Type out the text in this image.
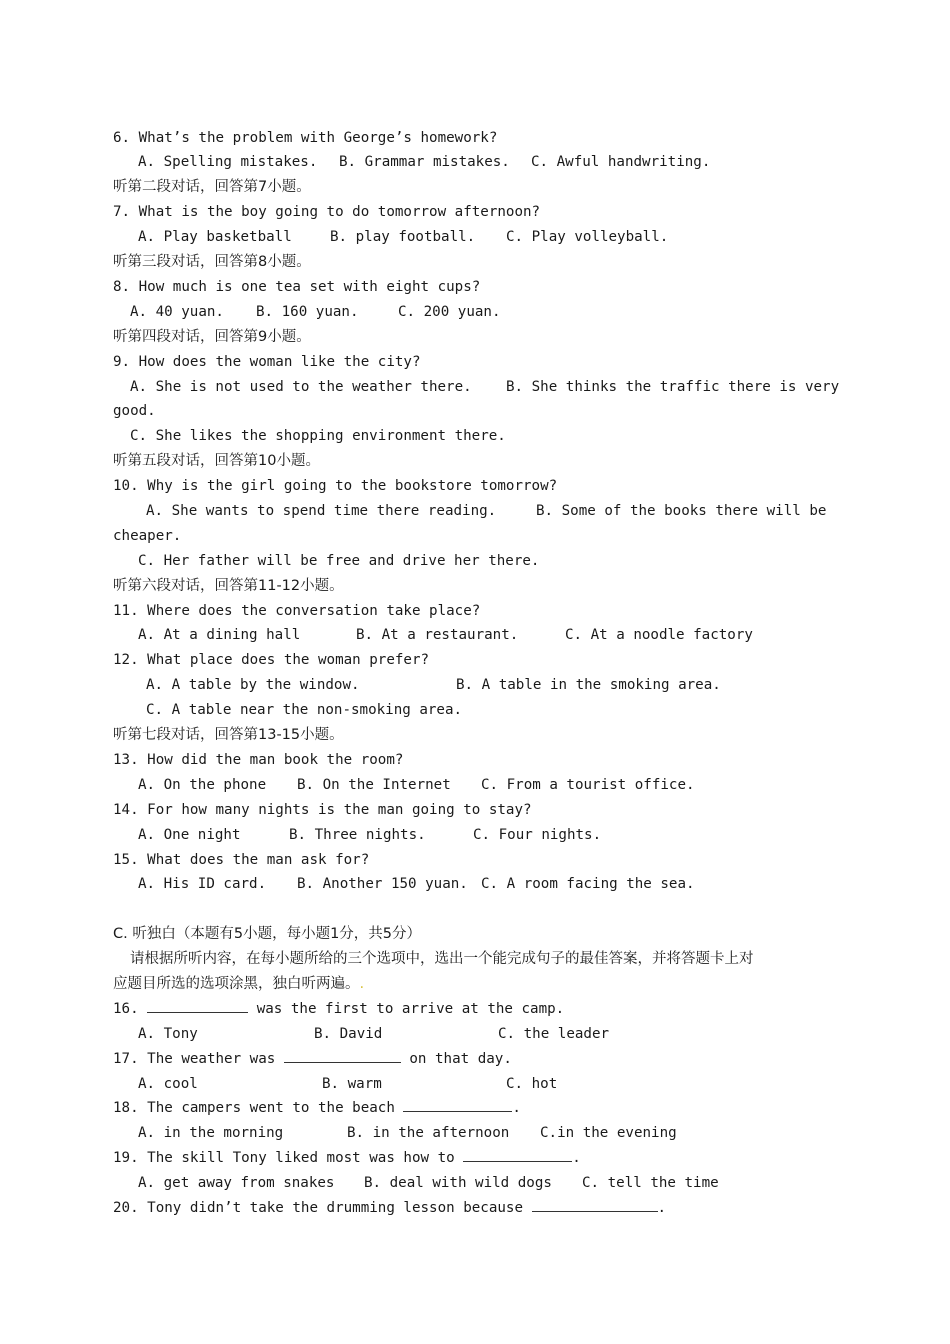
6. What’s the problem with George’s homework?
A. Spelling mistakes. B. Grammar mistakes. C. Awful handwriting.
听第二段对话，回答第7小题。
7. What is the boy going to do tomorrow afternoon?
A. Play basketball	B. play football. C. Play volleyball.
听第三段对话，回答第8小题。
8. How much is one tea set with eight cups?
A. 40 yuan. B. 160 yuan.	C. 200 yuan.
听第四段对话，回答第9小题。
9. How does the woman like the city?
A. She is not used to the weather there. B. She thinks the traffic there is very
good.
C. She likes the shopping environment there.
听第五段对话，回答第10小题。
10. Why is the girl going to the bookstore tomorrow?
A. She wants to spend time there reading.	B. Some of the books there will be
cheaper.
C. Her father will be free and drive her there.
听第六段对话，回答第11-12小题。
11. Where does the conversation take place?
A. At a dining hall	B. At a restaurant.	C. At a noodle factory
12. What place does the woman prefer?
A. A table by the window.	B. A table in the smoking area.
C. A table near the non-smoking area.
听第七段对话，回答第13-15小题。
13. How did the man book the room?
A. On the phone B. On the Internet C. From a tourist office.
14. For how many nights is the man going to stay?
A. One night	B. Three nights.	C. Four nights.
15. What does the man ask for?
A. His ID card. B. Another 150 yuan. C. A room facing the sea.
C. 听独白（本题有5小题，每小题1分，共5分）
请根据所听内容，在每小题所给的三个选项中，选出一个能完成句子的最佳答案，并将答题卡上对
应题目所选的选项涂黑，独白听两遍。.
16.	was the first to arrive at the camp.
A. Tony	B. David	C. the leader
17. The weather was	on that day.
A. cool	B. warm	C. hot
18. The campers went to the beach	.
A. in the morning	B. in the afternoon C.in the evening
19. The skill Tony liked most was how to	.
A. get away from snakes B. deal with wild dogs C. tell the time
20. Tony didn’t take the drumming lesson because	.
